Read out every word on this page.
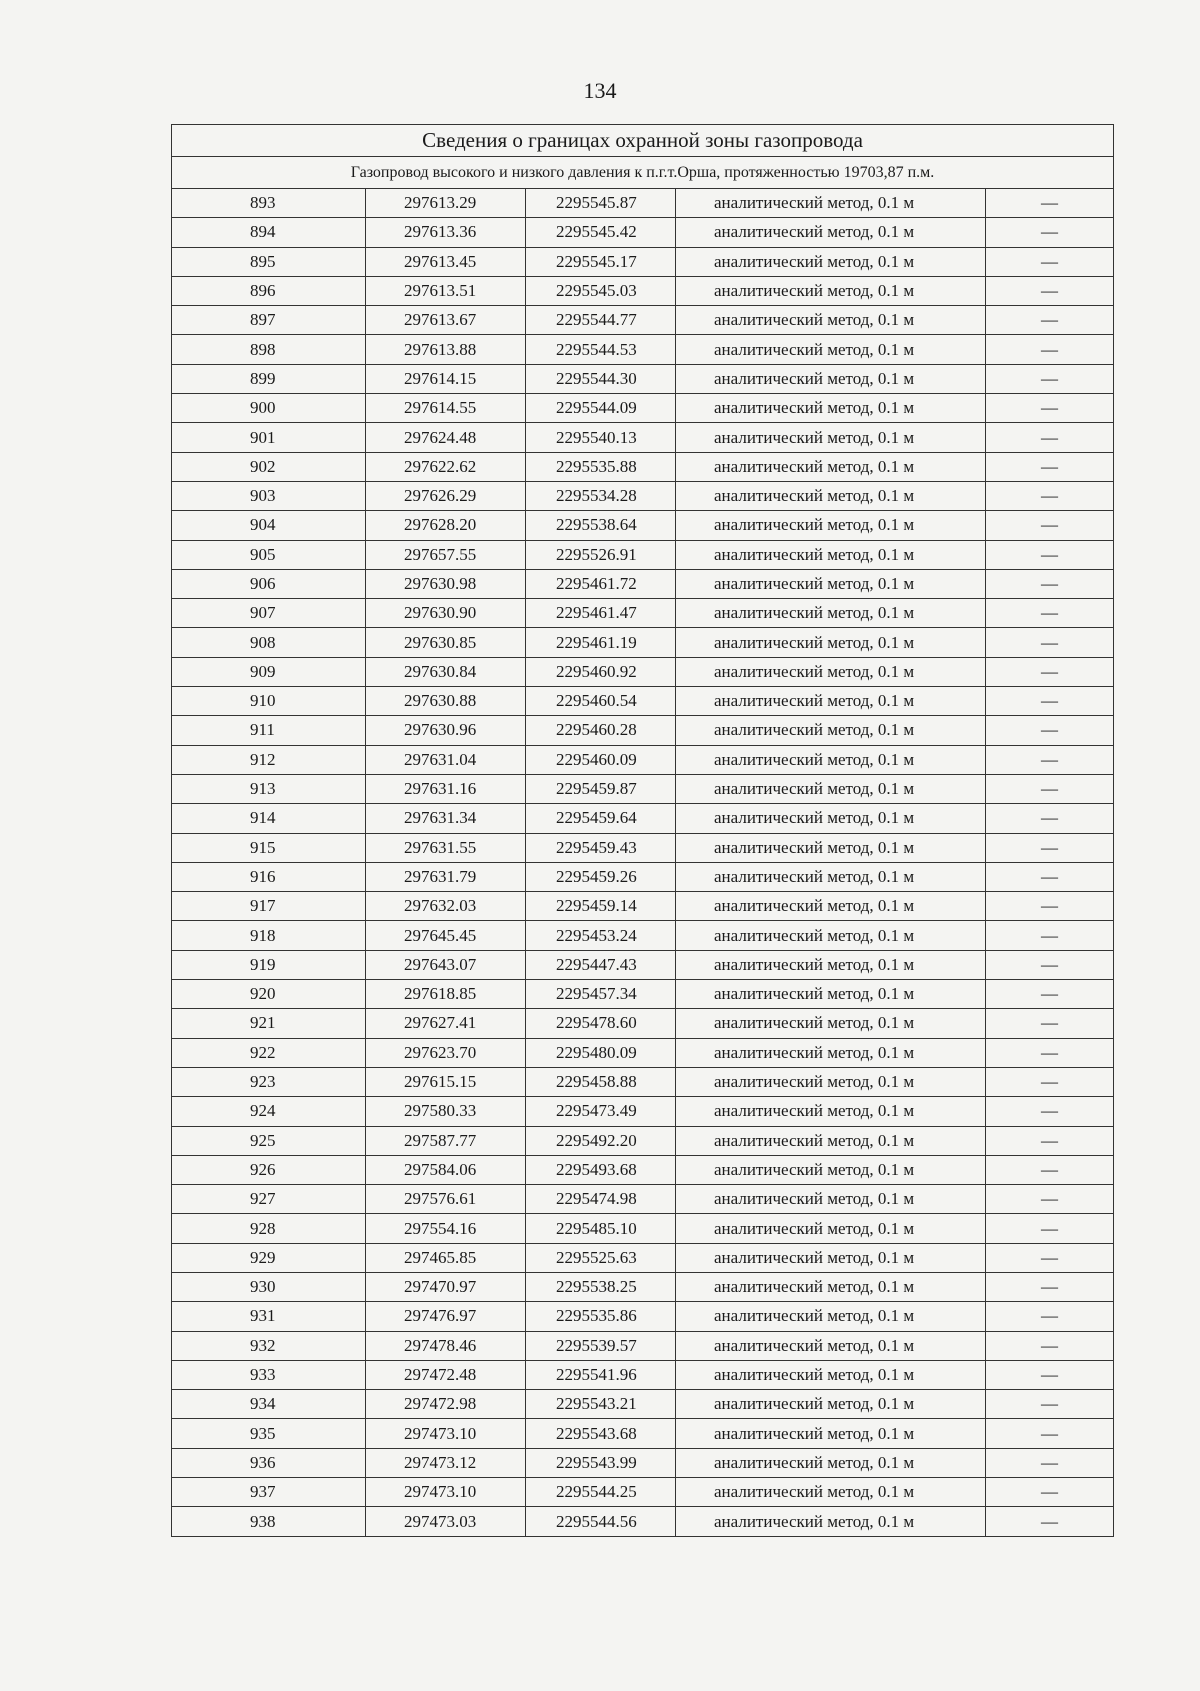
134
Сведения о границах охранной зоны газопровода				
Газопровод высокого и низкого давления к п.г.т.Орша, протяженностью 19703,87 п.м.				
893	297613.29	2295545.87	аналитический метод, 0.1 м	—
894	297613.36	2295545.42	аналитический метод, 0.1 м	—
895	297613.45	2295545.17	аналитический метод, 0.1 м	—
896	297613.51	2295545.03	аналитический метод, 0.1 м	—
897	297613.67	2295544.77	аналитический метод, 0.1 м	—
898	297613.88	2295544.53	аналитический метод, 0.1 м	—
899	297614.15	2295544.30	аналитический метод, 0.1 м	—
900	297614.55	2295544.09	аналитический метод, 0.1 м	—
901	297624.48	2295540.13	аналитический метод, 0.1 м	—
902	297622.62	2295535.88	аналитический метод, 0.1 м	—
903	297626.29	2295534.28	аналитический метод, 0.1 м	—
904	297628.20	2295538.64	аналитический метод, 0.1 м	—
905	297657.55	2295526.91	аналитический метод, 0.1 м	—
906	297630.98	2295461.72	аналитический метод, 0.1 м	—
907	297630.90	2295461.47	аналитический метод, 0.1 м	—
908	297630.85	2295461.19	аналитический метод, 0.1 м	—
909	297630.84	2295460.92	аналитический метод, 0.1 м	—
910	297630.88	2295460.54	аналитический метод, 0.1 м	—
911	297630.96	2295460.28	аналитический метод, 0.1 м	—
912	297631.04	2295460.09	аналитический метод, 0.1 м	—
913	297631.16	2295459.87	аналитический метод, 0.1 м	—
914	297631.34	2295459.64	аналитический метод, 0.1 м	—
915	297631.55	2295459.43	аналитический метод, 0.1 м	—
916	297631.79	2295459.26	аналитический метод, 0.1 м	—
917	297632.03	2295459.14	аналитический метод, 0.1 м	—
918	297645.45	2295453.24	аналитический метод, 0.1 м	—
919	297643.07	2295447.43	аналитический метод, 0.1 м	—
920	297618.85	2295457.34	аналитический метод, 0.1 м	—
921	297627.41	2295478.60	аналитический метод, 0.1 м	—
922	297623.70	2295480.09	аналитический метод, 0.1 м	—
923	297615.15	2295458.88	аналитический метод, 0.1 м	—
924	297580.33	2295473.49	аналитический метод, 0.1 м	—
925	297587.77	2295492.20	аналитический метод, 0.1 м	—
926	297584.06	2295493.68	аналитический метод, 0.1 м	—
927	297576.61	2295474.98	аналитический метод, 0.1 м	—
928	297554.16	2295485.10	аналитический метод, 0.1 м	—
929	297465.85	2295525.63	аналитический метод, 0.1 м	—
930	297470.97	2295538.25	аналитический метод, 0.1 м	—
931	297476.97	2295535.86	аналитический метод, 0.1 м	—
932	297478.46	2295539.57	аналитический метод, 0.1 м	—
933	297472.48	2295541.96	аналитический метод, 0.1 м	—
934	297472.98	2295543.21	аналитический метод, 0.1 м	—
935	297473.10	2295543.68	аналитический метод, 0.1 м	—
936	297473.12	2295543.99	аналитический метод, 0.1 м	—
937	297473.10	2295544.25	аналитический метод, 0.1 м	—
938	297473.03	2295544.56	аналитический метод, 0.1 м	—
